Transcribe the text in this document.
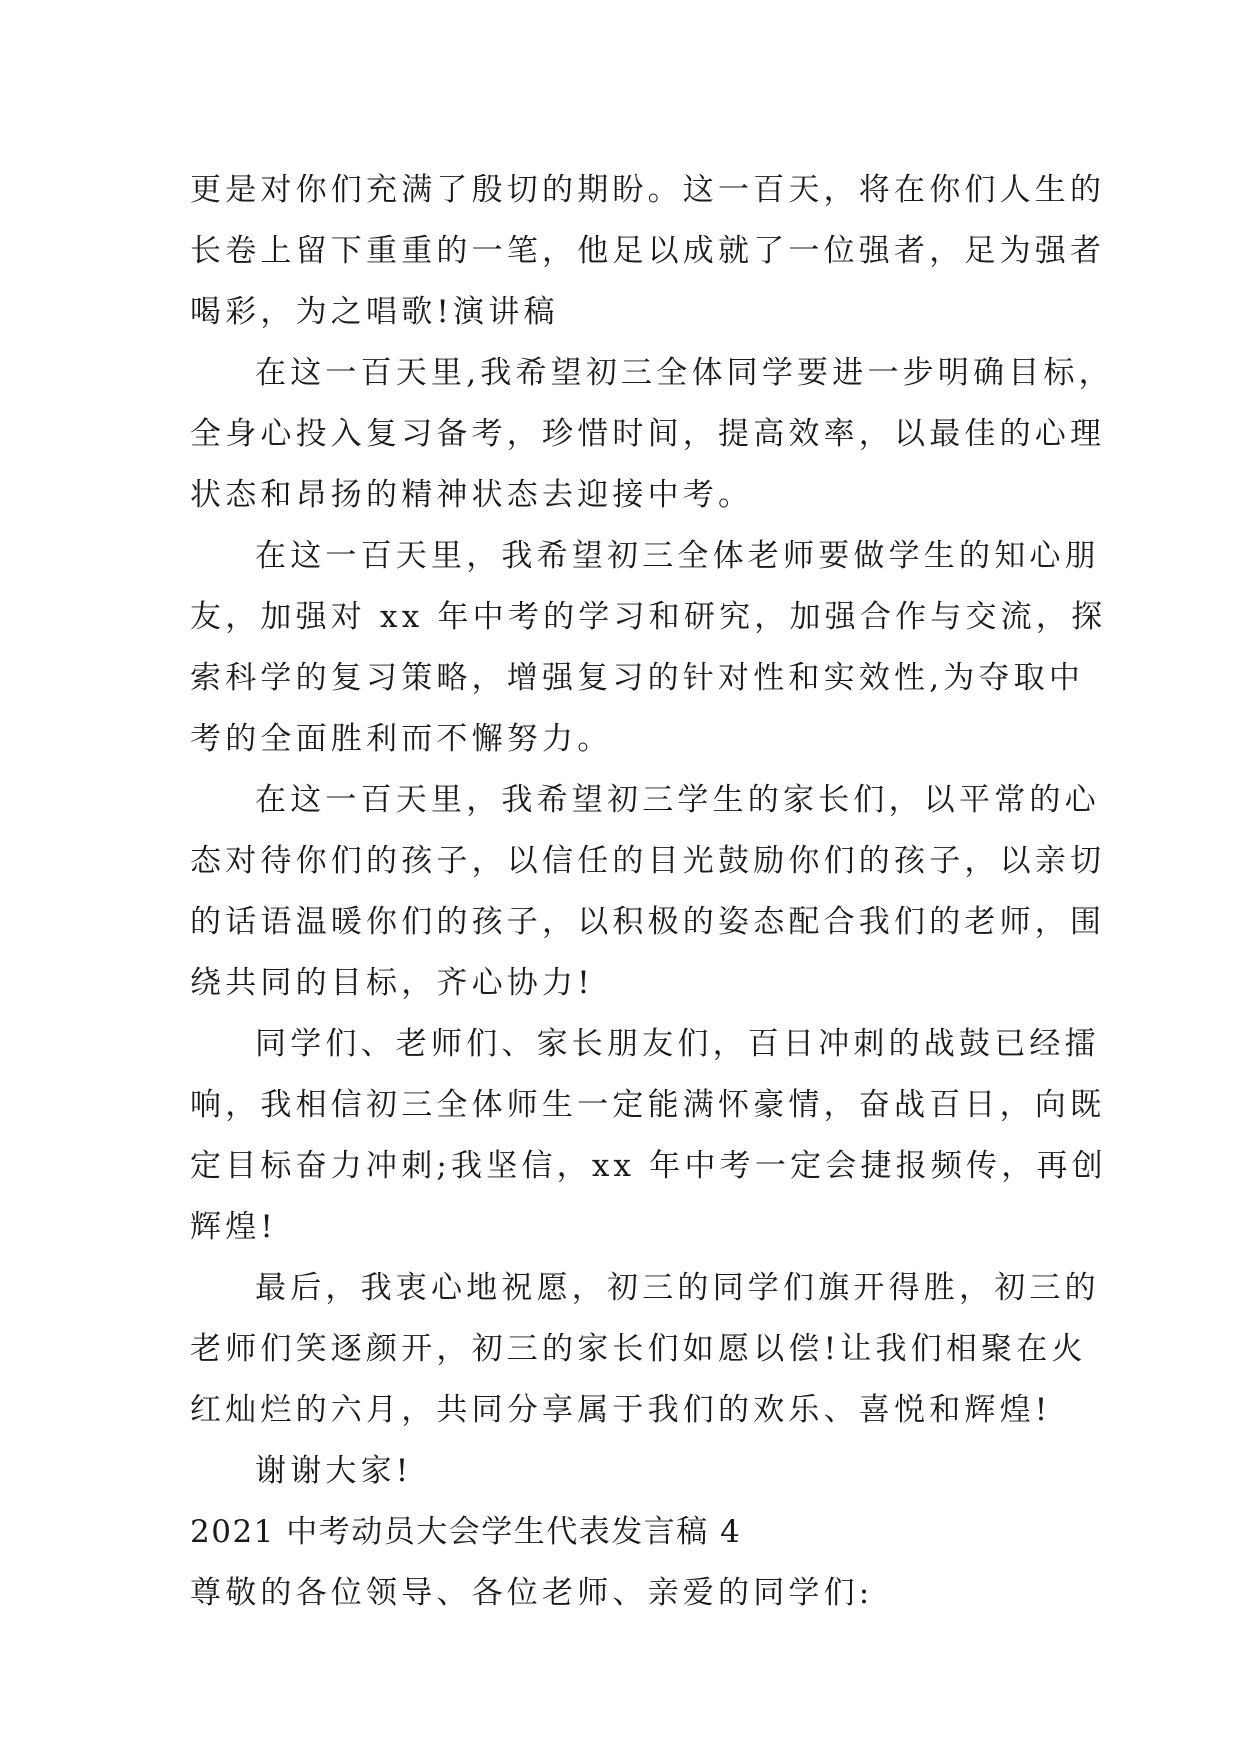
更是对你们充满了殷切的期盼。这一百天，将在你们人生的
长卷上留下重重的一笔，他足以成就了一位强者，足为强者
喝彩，为之唱歌!演讲稿
在这一百天里,我希望初三全体同学要进一步明确目标，
全身心投入复习备考，珍惜时间，提高效率，以最佳的心理
状态和昂扬的精神状态去迎接中考。
在这一百天里，我希望初三全体老师要做学生的知心朋
友，加强对 xx 年中考的学习和研究，加强合作与交流，探
索科学的复习策略，增强复习的针对性和实效性,为夺取中
考的全面胜利而不懈努力。
在这一百天里，我希望初三学生的家长们，以平常的心
态对待你们的孩子，以信任的目光鼓励你们的孩子，以亲切
的话语温暖你们的孩子，以积极的姿态配合我们的老师，围
绕共同的目标，齐心协力!
同学们、老师们、家长朋友们，百日冲刺的战鼓已经擂
响，我相信初三全体师生一定能满怀豪情，奋战百日，向既
定目标奋力冲刺;我坚信，xx 年中考一定会捷报频传，再创
辉煌!
最后，我衷心地祝愿，初三的同学们旗开得胜，初三的
老师们笑逐颜开，初三的家长们如愿以偿!让我们相聚在火
红灿烂的六月，共同分享属于我们的欢乐、喜悦和辉煌!
谢谢大家!
2021 中考动员大会学生代表发言稿 4
尊敬的各位领导、各位老师、亲爱的同学们:
